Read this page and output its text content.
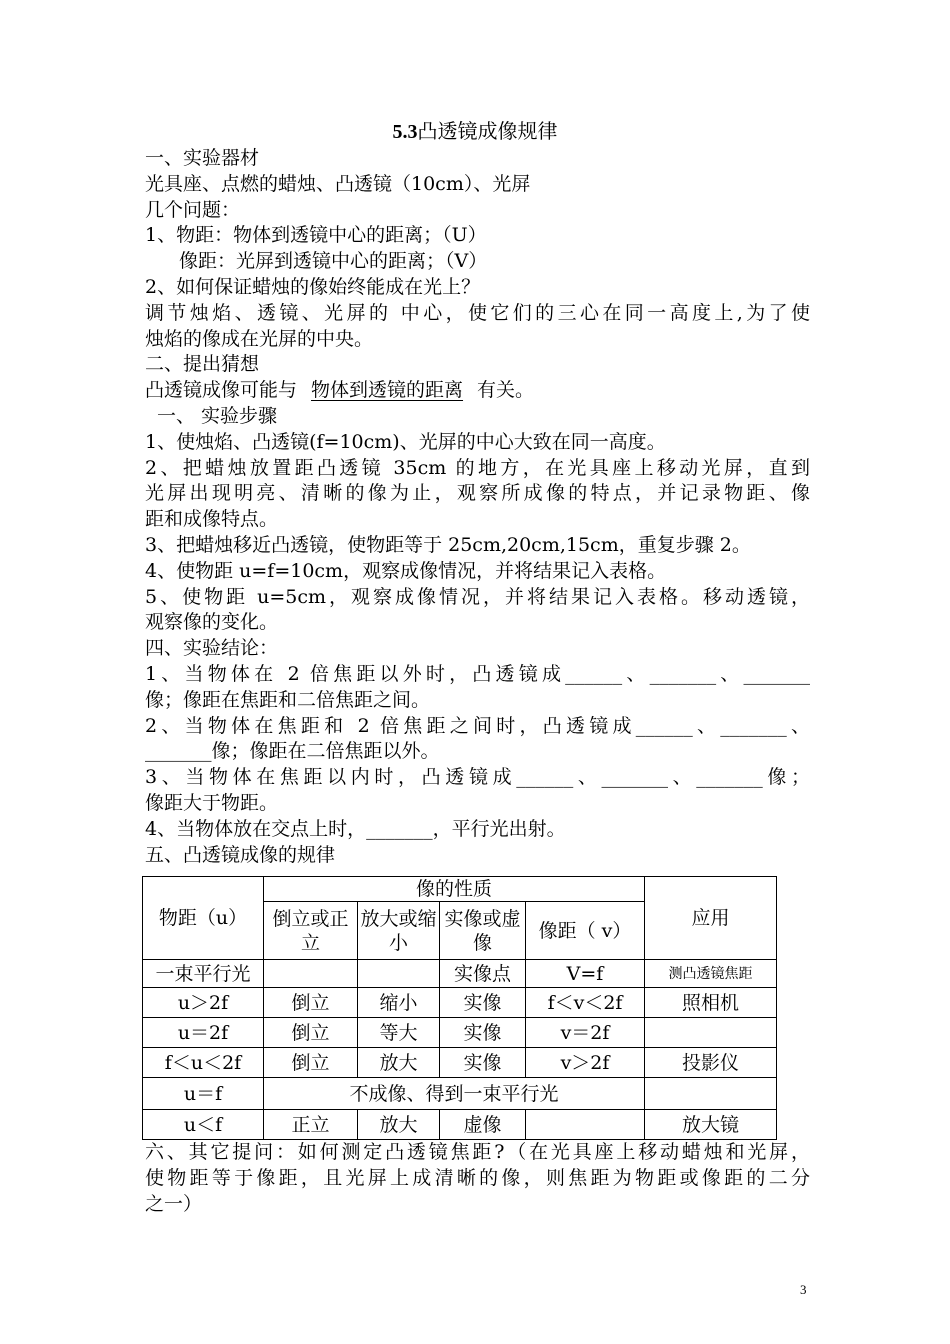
5.3凸透镜成像规律
一、实验器材
光具座、点燃的蜡烛、凸透镜（10cm）、光屏
几个问题：
1、物距：物体到透镜中心的距离；（U）
像距：光屏到透镜中心的距离；（V）
2、如何保证蜡烛的像始终能成在光上？
调节烛焰、透镜、光屏的 中心，使它们的三心在同一高度上,为了使
烛焰的像成在光屏的中央。
二、提出猜想
凸透镜成像可能与 物体到透镜的距离 有关。
一、 实验步骤
1、使烛焰、凸透镜(f=10cm)、光屏的中心大致在同一高度。
2、把蜡烛放置距凸透镜 35cm 的地方，在光具座上移动光屏，直到
光屏出现明亮、清晰的像为止，观察所成像的特点，并记录物距、像
距和成像特点。
3、把蜡烛移近凸透镜，使物距等于 25cm,20cm,15cm，重复步骤 2。
4、使物距 u=f=10cm，观察成像情况，并将结果记入表格。
5、使物距 u=5cm，观察成像情况，并将结果记入表格。移动透镜，
观察像的变化。
四、实验结论：
1、当物体在 2 倍焦距以外时，凸透镜成______、_______、_______
像；像距在焦距和二倍焦距之间。
2、当物体在焦距和 2 倍焦距之间时，凸透镜成______、_______、
_______像；像距在二倍焦距以外。
3、当物体在焦距以内时，凸透镜成______、_______、_______像；
像距大于物距。
4、当物体放在交点上时，_______，平行光出射。
五、凸透镜成像的规律
物距（u）	像的性质				应用
	倒立或正立	放大或缩小	实像或虚像	像距（ v）	
一束平行光			实像点	V=f	测凸透镜焦距
u＞2f	倒立	缩小	实像	f＜v＜2f	照相机
u＝2f	倒立	等大	实像	v＝2f	
f＜u＜2f	倒立	放大	实像	v＞2f	投影仪
u＝f	不成像、得到一束平行光				
u＜f	正立	放大	虚像		放大镜
六、其它提问：如何测定凸透镜焦距?（在光具座上移动蜡烛和光屏，
使物距等于像距，且光屏上成清晰的像，则焦距为物距或像距的二分
之一）
3
